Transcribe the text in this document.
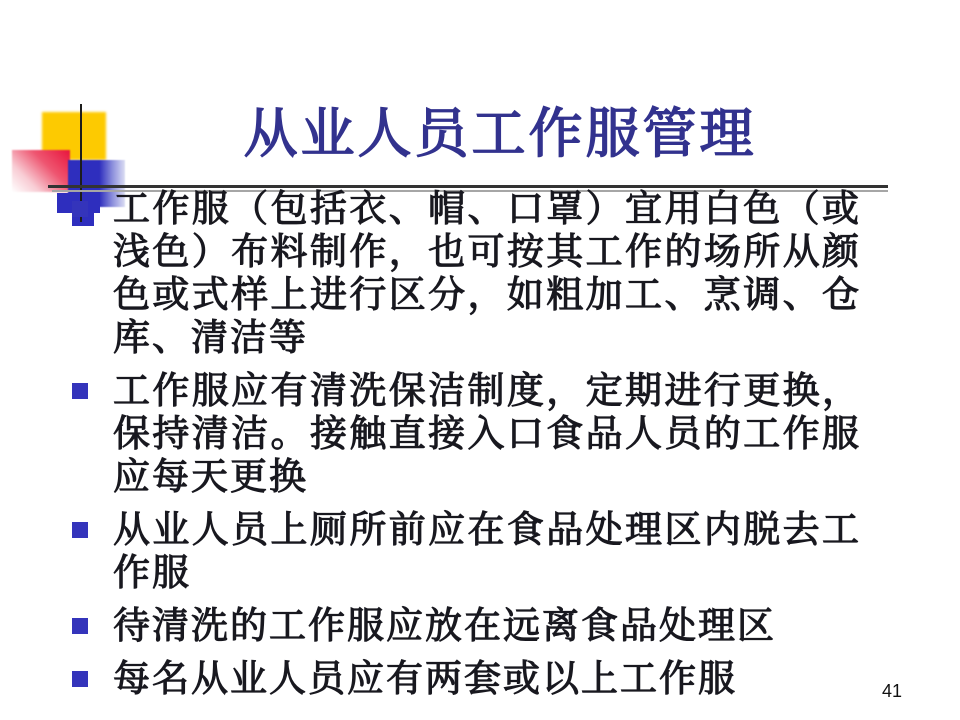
从业人员工作服管理
工作服（包括衣、帽、口罩）宜用白色（或浅色）布料制作，也可按其工作的场所从颜色或式样上进行区分，如粗加工、烹调、仓库、清洁等
工作服应有清洗保洁制度，定期进行更换，保持清洁。接触直接入口食品人员的工作服应每天更换
从业人员上厕所前应在食品处理区内脱去工作服
待清洗的工作服应放在远离食品处理区
每名从业人员应有两套或以上工作服	41
